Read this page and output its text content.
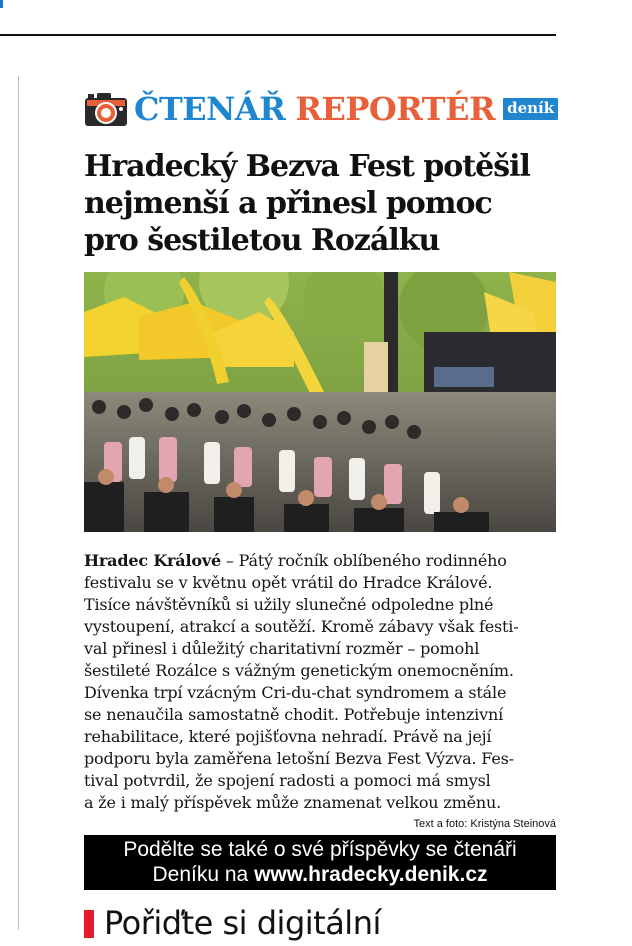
ČTENÁŘ REPORTÉR deník
Hradecký Bezva Fest potěšil
nejmenší a přinesl pomoc
pro šestiletou Rozálku
Hradec Králové – Pátý ročník oblíbeného rodinného
festivalu se v květnu opět vrátil do Hradce Králové.
Tisíce návštěvníků si užily slunečné odpoledne plné
vystoupení, atrakcí a soutěží. Kromě zábavy však festi-
val přinesl i důležitý charitativní rozměr – pomohl
šestileté Rozálce s vážným genetickým onemocněním.
Dívenka trpí vzácným Cri-du-chat syndromem a stále
se nenaučila samostatně chodit. Potřebuje intenzivní
rehabilitace, které pojišťovna nehradí. Právě na její
podporu byla zaměřena letošní Bezva Fest Výzva. Fes-
tival potvrdil, že spojení radosti a pomoci má smysl
a že i malý příspěvek může znamenat velkou změnu.
Text a foto: Kristýna Steinová
Podělte se také o své příspěvky se čtenáři
Deníku na www.hradecky.denik.cz
Pořiďte si digitální
